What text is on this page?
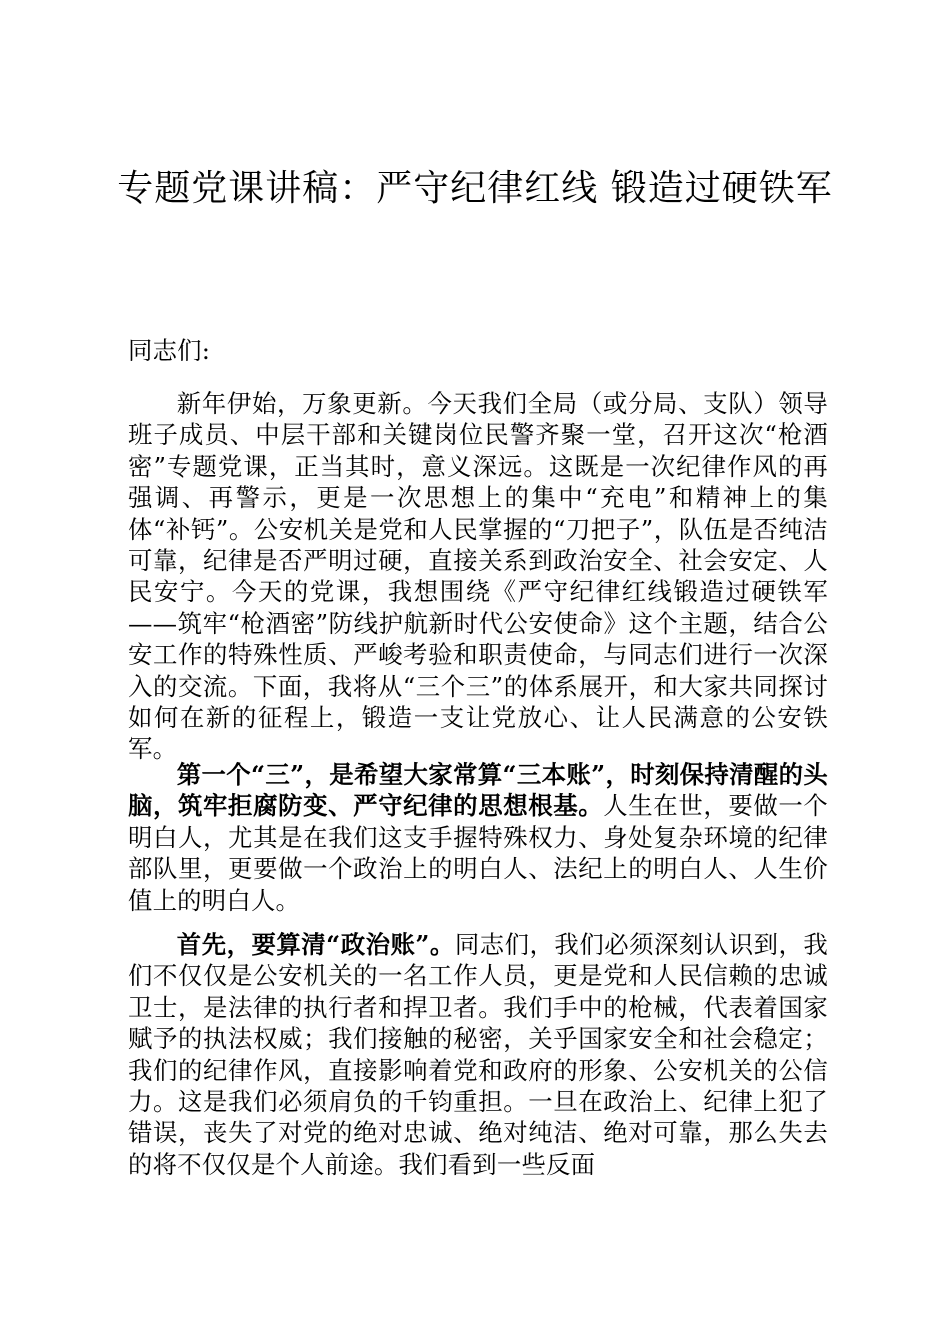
专题党课讲稿：严守纪律红线 锻造过硬铁军

同志们:

新年伊始，万象更新。今天我们全局（或分局、支队）领导班子成员、中层干部和关键岗位民警齐聚一堂，召开这次“枪酒密”专题党课，正当其时，意义深远。这既是一次纪律作风的再强调、再警示，更是一次思想上的集中“充电”和精神上的集体“补钙”。公安机关是党和人民掌握的“刀把子”，队伍是否纯洁可靠，纪律是否严明过硬，直接关系到政治安全、社会安定、人民安宁。今天的党课，我想围绕《严守纪律红线锻造过硬铁军——筑牢“枪酒密”防线护航新时代公安使命》这个主题，结合公安工作的特殊性质、严峻考验和职责使命，与同志们进行一次深入的交流。下面，我将从“三个三”的体系展开，和大家共同探讨如何在新的征程上，锻造一支让党放心、让人民满意的公安铁军。

第一个“三”，是希望大家常算“三本账”，时刻保持清醒的头脑，筑牢拒腐防变、严守纪律的思想根基。人生在世，要做一个明白人，尤其是在我们这支手握特殊权力、身处复杂环境的纪律部队里，更要做一个政治上的明白人、法纪上的明白人、人生价值上的明白人。

首先，要算清“政治账”。同志们，我们必须深刻认识到，我们不仅仅是公安机关的一名工作人员，更是党和人民信赖的忠诚卫士，是法律的执行者和捍卫者。我们手中的枪械，代表着国家赋予的执法权威；我们接触的秘密，关乎国家安全和社会稳定；我们的纪律作风，直接影响着党和政府的形象、公安机关的公信力。这是我们必须肩负的千钧重担。一旦在政治上、纪律上犯了错误，丧失了对党的绝对忠诚、绝对纯洁、绝对可靠，那么失去的将不仅仅是个人前途。我们看到一些反面
